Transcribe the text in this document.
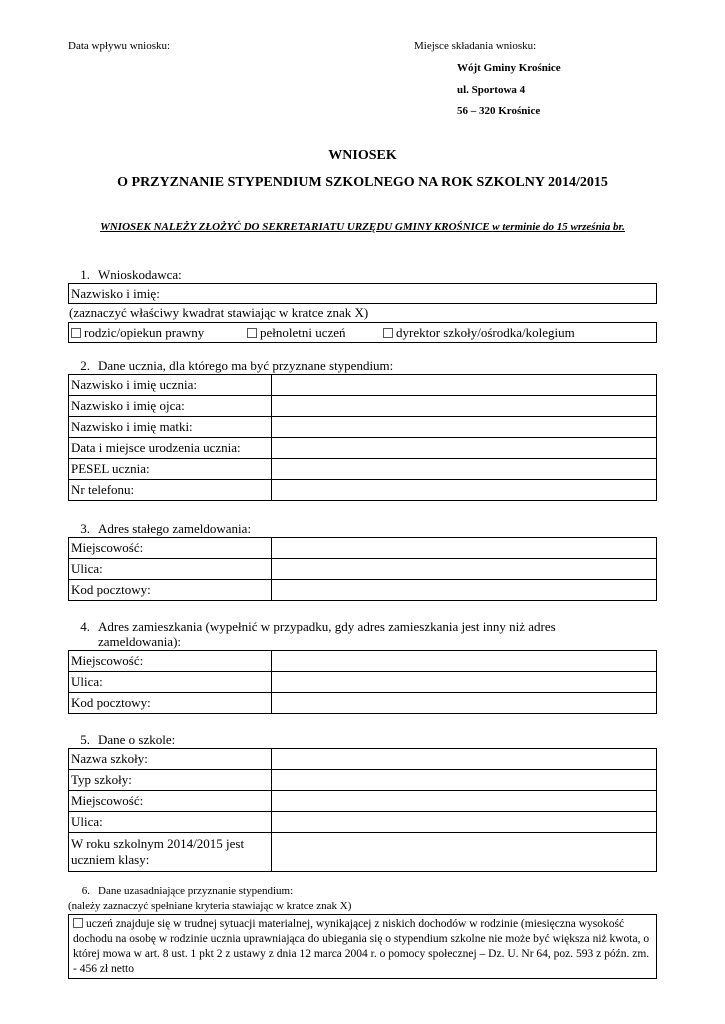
Data wpływu wniosku:	Miejsce składania wniosku:
Wójt Gminy Krośnice
ul. Sportowa 4
56 – 320 Krośnice
WNIOSEK
O PRZYZNANIE STYPENDIUM SZKOLNEGO NA ROK SZKOLNY 2014/2015
WNIOSEK NALEŻY ZŁOŻYĆ DO SEKRETARIATU URZĘDU GMINY KROŚNICE w terminie do 15 września br.
1. Wnioskodawca:
Nazwisko i imię:
(zaznaczyć właściwy kwadrat stawiając w kratce znak X)
rodzic/opiekun prawny	pełnoletni uczeń	dyrektor szkoły/ośrodka/kolegium
2. Dane ucznia, dla którego ma być przyznane stypendium:
Nazwisko i imię ucznia:	
Nazwisko i imię ojca:	
Nazwisko i imię matki:	
Data i miejsce urodzenia ucznia:	
PESEL ucznia:	
Nr telefonu:	
3. Adres stałego zameldowania:
Miejscowość:	
Ulica:	
Kod pocztowy:	
4. Adres zamieszkania (wypełnić w przypadku, gdy adres zamieszkania jest inny niż adres
zameldowania):
Miejscowość:	
Ulica:	
Kod pocztowy:	
5. Dane o szkole:
Nazwa szkoły:	
Typ szkoły:	
Miejscowość:	
Ulica:	
W roku szkolnym 2014/2015 jest
uczniem klasy:	
6. Dane uzasadniające przyznanie stypendium:
(należy zaznaczyć spełniane kryteria stawiając w kratce znak X)
uczeń znajduje się w trudnej sytuacji materialnej, wynikającej z niskich dochodów w rodzinie (miesięczna wysokość dochodu na osobę w rodzinie ucznia uprawniająca do ubiegania się o stypendium szkolne nie może być większa niż kwota, o której mowa w art. 8 ust. 1 pkt 2 z ustawy z dnia 12 marca 2004 r. o pomocy społecznej – Dz. U. Nr 64, poz. 593 z późn. zm. - 456 zł netto
